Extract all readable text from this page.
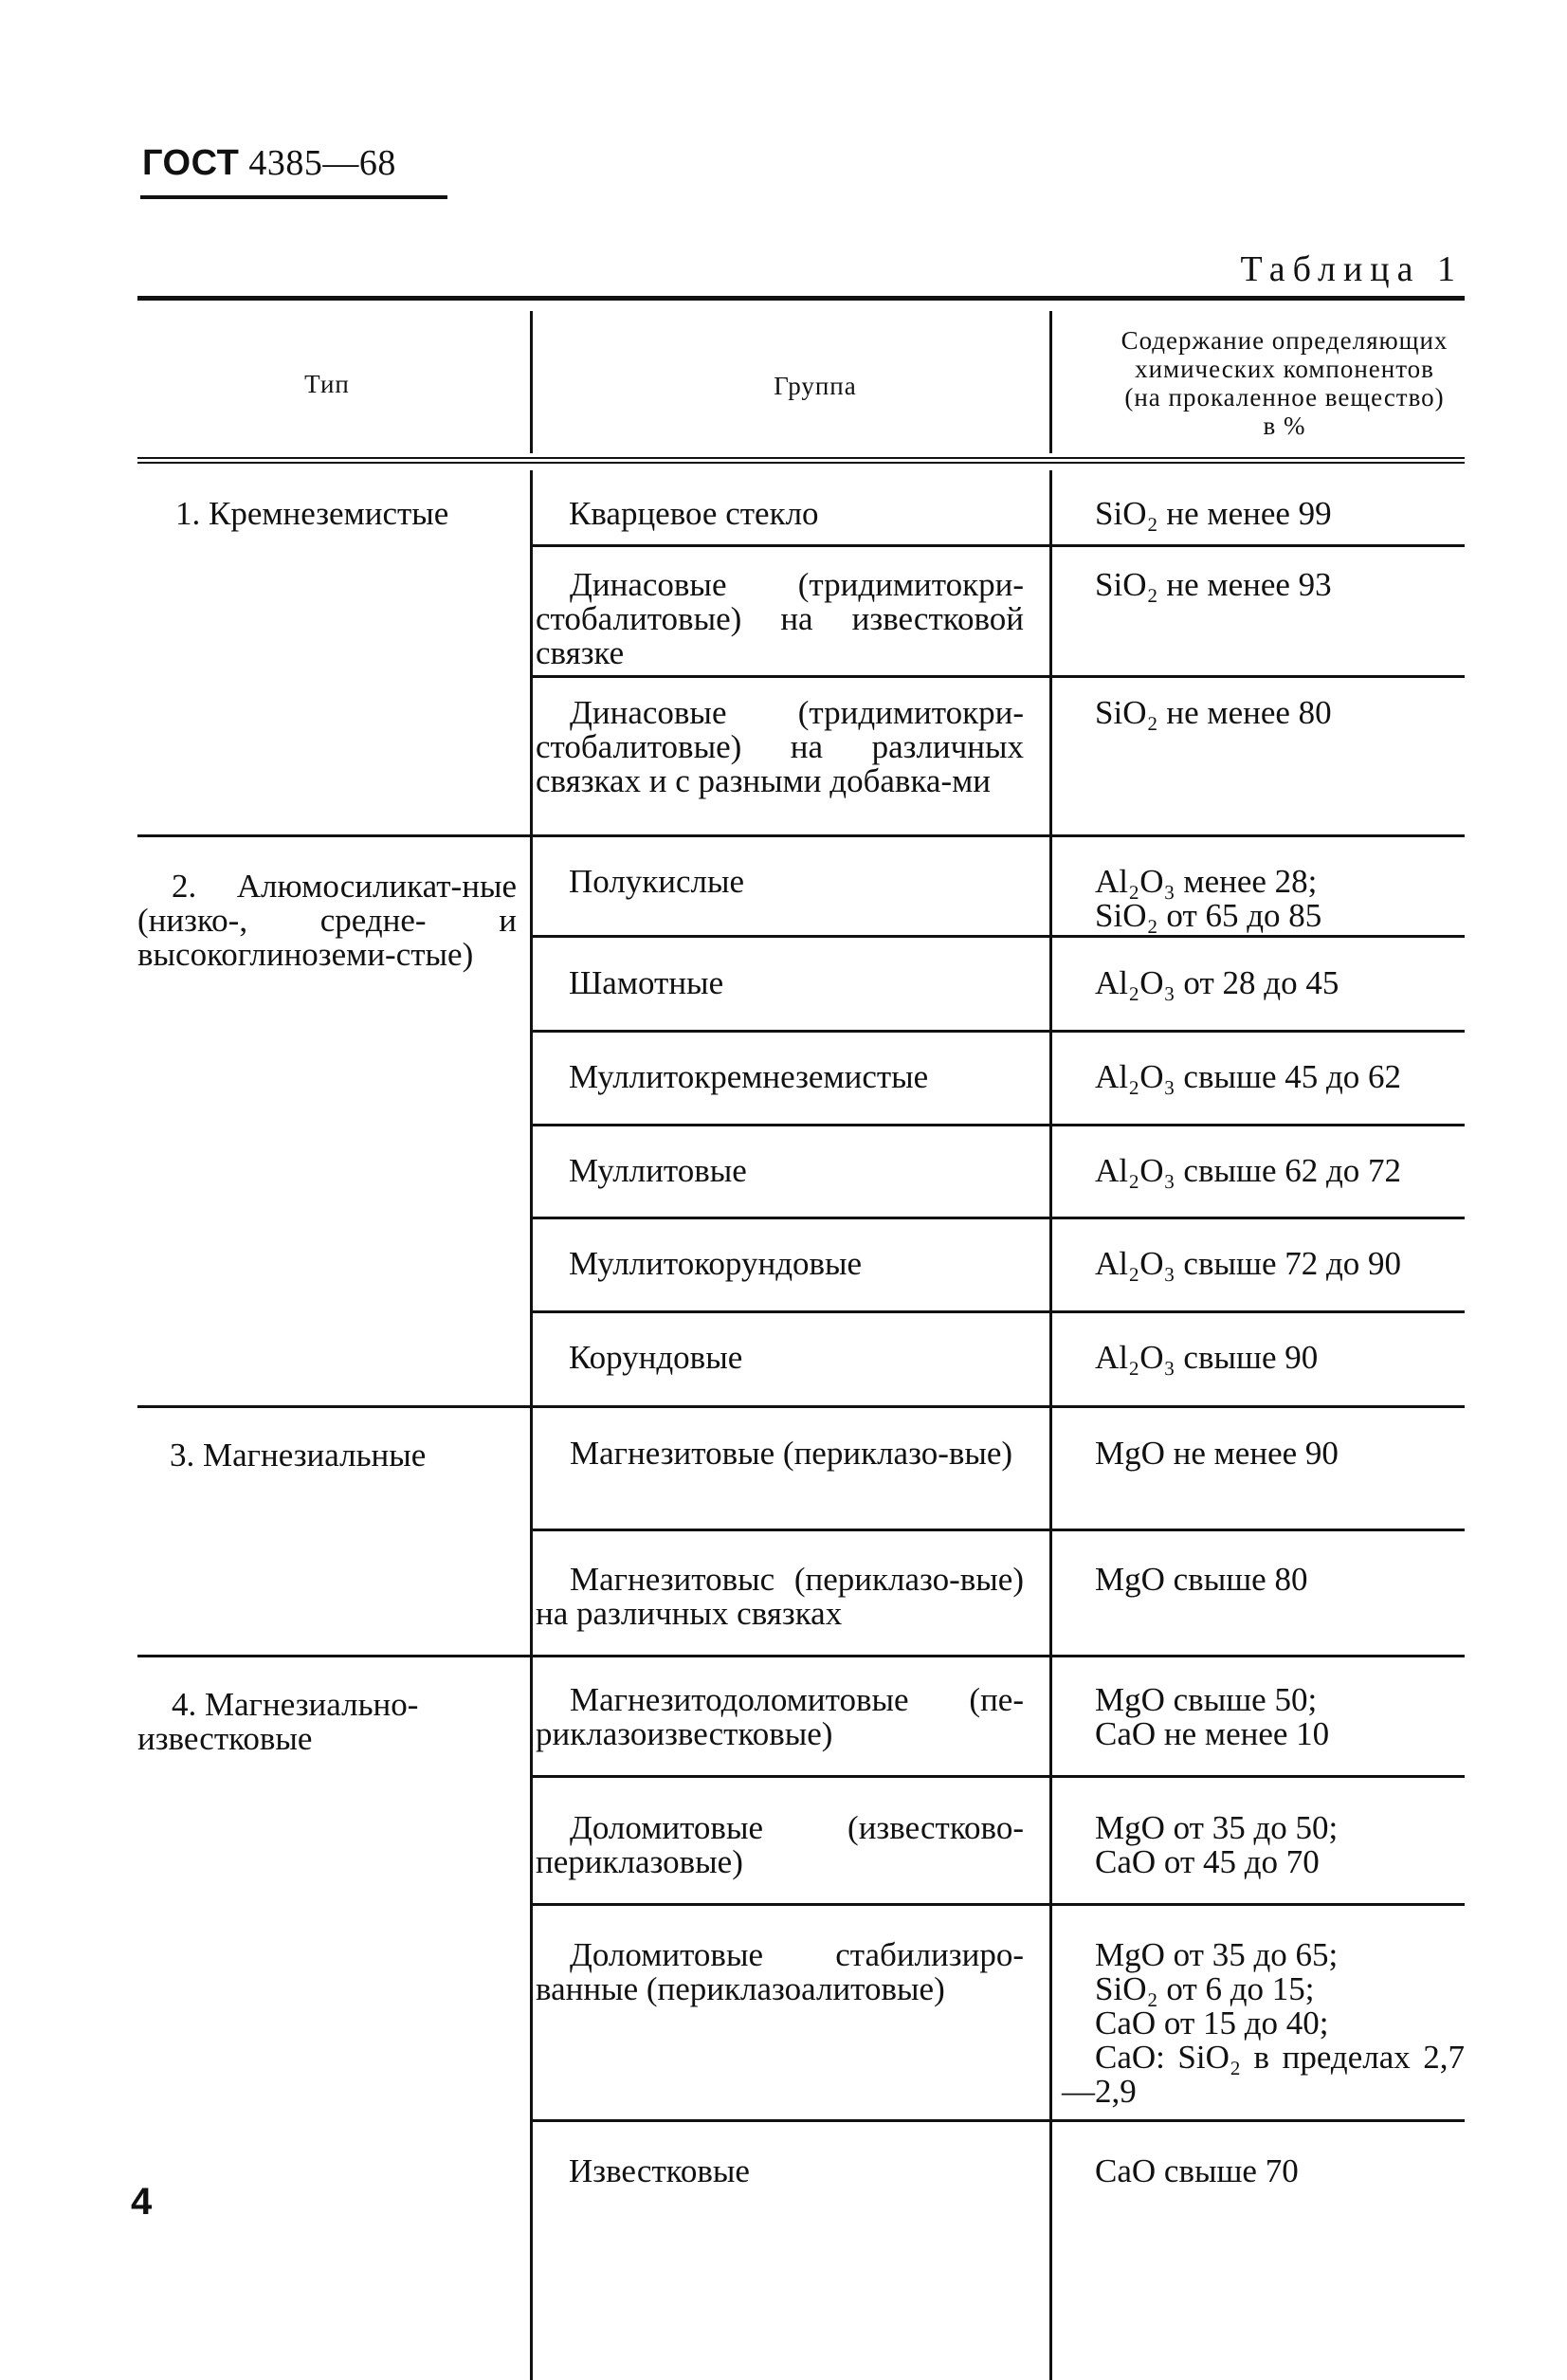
ГОСТ 4385—68
Таблица 1
Тип	Группа
Содержание определяющих
химических компонентов
(на прокаленное вещество)
в %
1. Кремнеземистые
2. Алюмосиликат-ные (низко-, средне- и высокоглиноземи-стые)
3. Магнезиальные
4. Магнезиально-известковые
Кварцевое стекло
Динасовые (тридимитокри-стобалитовые) на известковой связке
Динасовые (тридимитокри-стобалитовые) на различных связках и с разными добавка-ми
Полукислые
Шамотные
Муллитокремнеземистые
Муллитовые
Муллитокорундовые
Корундовые
Магнезитовые (периклазо-вые)
Магнезитовыс (периклазо-вые) на различных связках
Магнезитодоломитовые (пе-риклазоизвестковые)
Доломитовые (известково-периклазовые)
Доломитовые стабилизиро-ванные (периклазоалитовые)
Известковые
SiO₂ не менее 99
SiO₂ не менее 93
SiO₂ не менее 80
Al₂O₃ менее 28;
SiO₂ от 65 до 85
Al₂O₃ от 28 до 45
Al₂O₃ свыше 45 до 62
Al₂O₃ свыше 62 до 72
Al₂O₃ свыше 72 до 90
Al₂O₃ свыше 90
MgO не менее 90
MgO свыше 80
MgO свыше 50;
CaO не менее 10
MgO от 35 до 50;
CaO от 45 до 70
MgO от 35 до 65;
SiO₂ от 6 до 15;
CaO от 15 до 40;
CaO: SiO₂ в пределах 2,7—2,9
CaO свыше 70
4
